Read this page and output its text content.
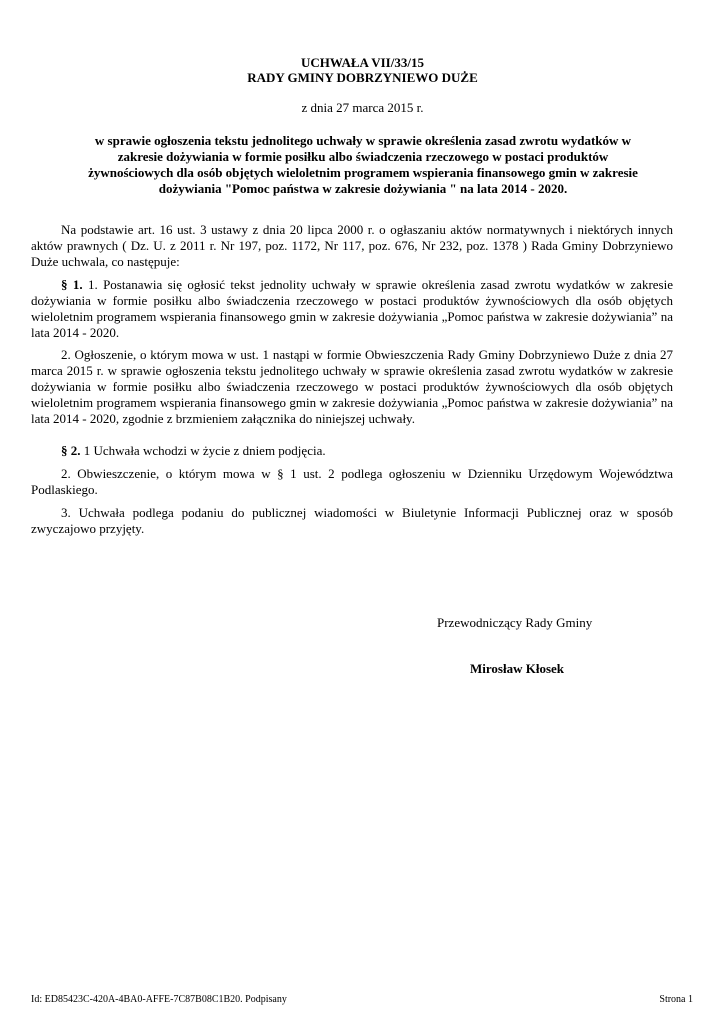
UCHWAŁA VII/33/15
RADY GMINY DOBRZYNIEWO DUŻE
z dnia 27 marca 2015 r.
w sprawie ogłoszenia tekstu jednolitego uchwały w sprawie określenia zasad zwrotu wydatków w zakresie dożywiania w formie posiłku albo świadczenia rzeczowego w postaci produktów żywnościowych dla osób objętych wieloletnim programem wspierania finansowego gmin w zakresie dożywiania "Pomoc państwa w zakresie dożywiania " na lata 2014 - 2020.

Na podstawie art. 16 ust. 3 ustawy z dnia 20 lipca 2000 r. o ogłaszaniu aktów normatywnych i niektórych innych aktów prawnych ( Dz. U. z 2011 r. Nr 197, poz. 1172, Nr 117, poz. 676, Nr 232, poz. 1378 ) Rada Gminy Dobrzyniewo Duże uchwala, co następuje:

§ 1. 1. Postanawia się ogłosić tekst jednolity uchwały w sprawie określenia zasad zwrotu wydatków w zakresie dożywiania w formie posiłku albo świadczenia rzeczowego w postaci produktów żywnościowych dla osób objętych wieloletnim programem wspierania finansowego gmin w zakresie dożywiania „Pomoc państwa w zakresie dożywiania” na lata 2014 - 2020.

2. Ogłoszenie, o którym mowa w ust. 1 nastąpi w formie Obwieszczenia Rady Gminy Dobrzyniewo Duże z dnia 27 marca 2015 r. w sprawie ogłoszenia tekstu jednolitego uchwały w sprawie określenia zasad zwrotu wydatków w zakresie dożywiania w formie posiłku albo świadczenia rzeczowego w postaci produktów żywnościowych dla osób objętych wieloletnim programem wspierania finansowego gmin w zakresie dożywiania „Pomoc państwa w zakresie dożywiania” na lata 2014 - 2020, zgodnie z brzmieniem załącznika do niniejszej uchwały.

§ 2. 1 Uchwała wchodzi w życie z dniem podjęcia.

2. Obwieszczenie, o którym mowa w § 1 ust. 2 podlega ogłoszeniu w Dzienniku Urzędowym Województwa Podlaskiego.

3. Uchwała podlega podaniu do publicznej wiadomości w Biuletynie Informacji Publicznej oraz w sposób zwyczajowo przyjęty.

Przewodniczący Rady Gminy
Mirosław Kłosek
Id: ED85423C-420A-4BA0-AFFE-7C87B08C1B20. Podpisany	Strona 1
